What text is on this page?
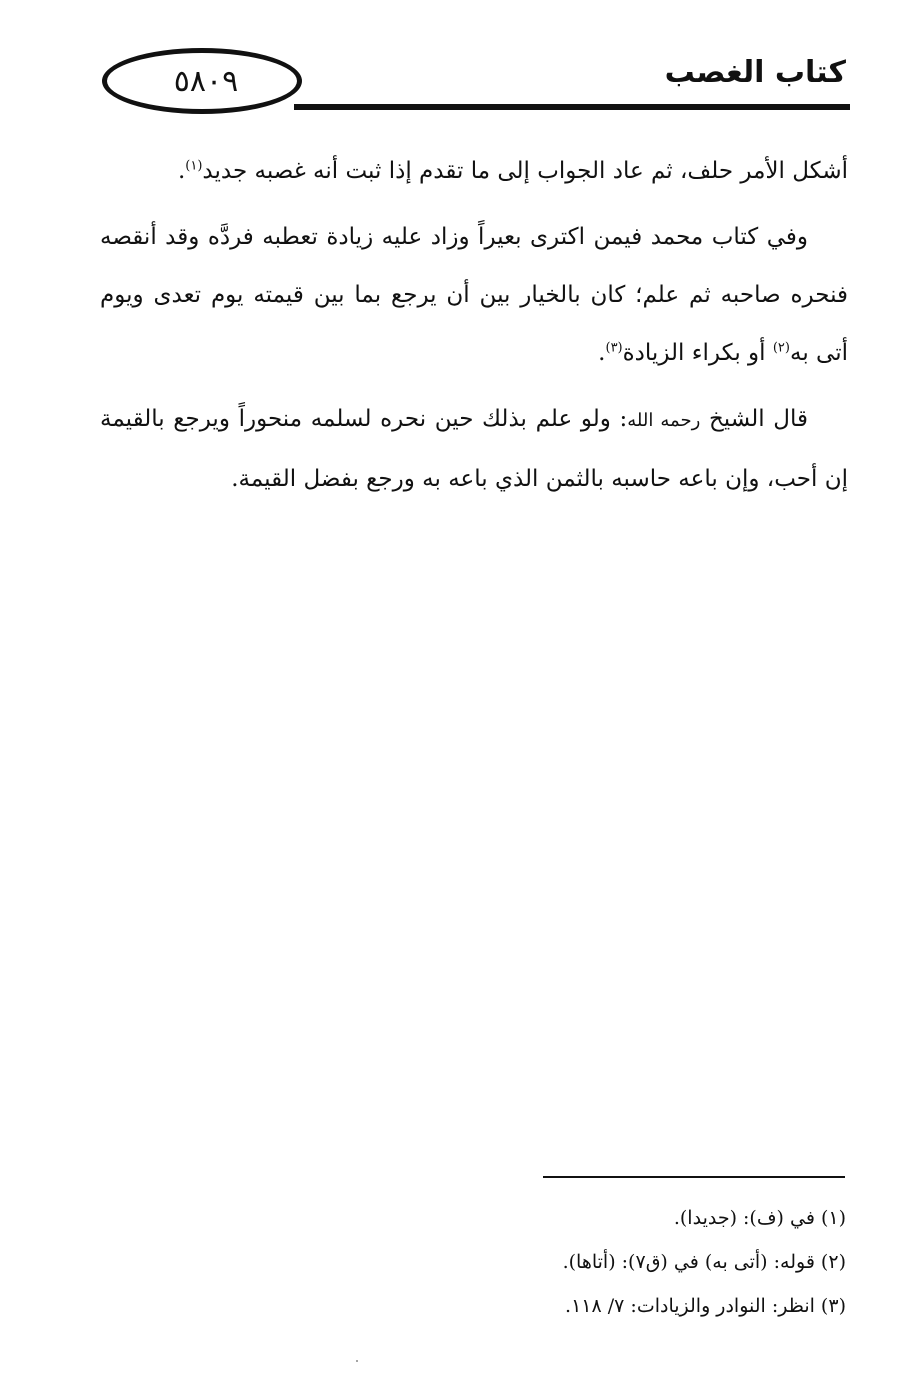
كتاب الغصب
٥٨٠٩

أشكل الأمر حلف، ثم عاد الجواب إلى ما تقدم إذا ثبت أنه غصبه جديد$^{(١)}$.

وفي كتاب محمد فيمن اكترى بعيراً وزاد عليه زيادة تعطبه فردَّه وقد أنقصه فنحره صاحبه ثم علم؛ كان بالخيار بين أن يرجع بما بين قيمته يوم تعدى ويوم أتى به$^{(٢)}$ أو بكراء الزيادة$^{(٣)}$.

قال الشيخ رحمه الله: ولو علم بذلك حين نحره لسلمه منحوراً ويرجع بالقيمة إن أحب، وإن باعه حاسبه بالثمن الذي باعه به ورجع بفضل القيمة.

(١) في (ف): (جديدا).
(٢) قوله: (أتى به) في (ق٧): (أتاها).
(٣) انظر: النوادر والزيادات: ٧/ ١١٨.
